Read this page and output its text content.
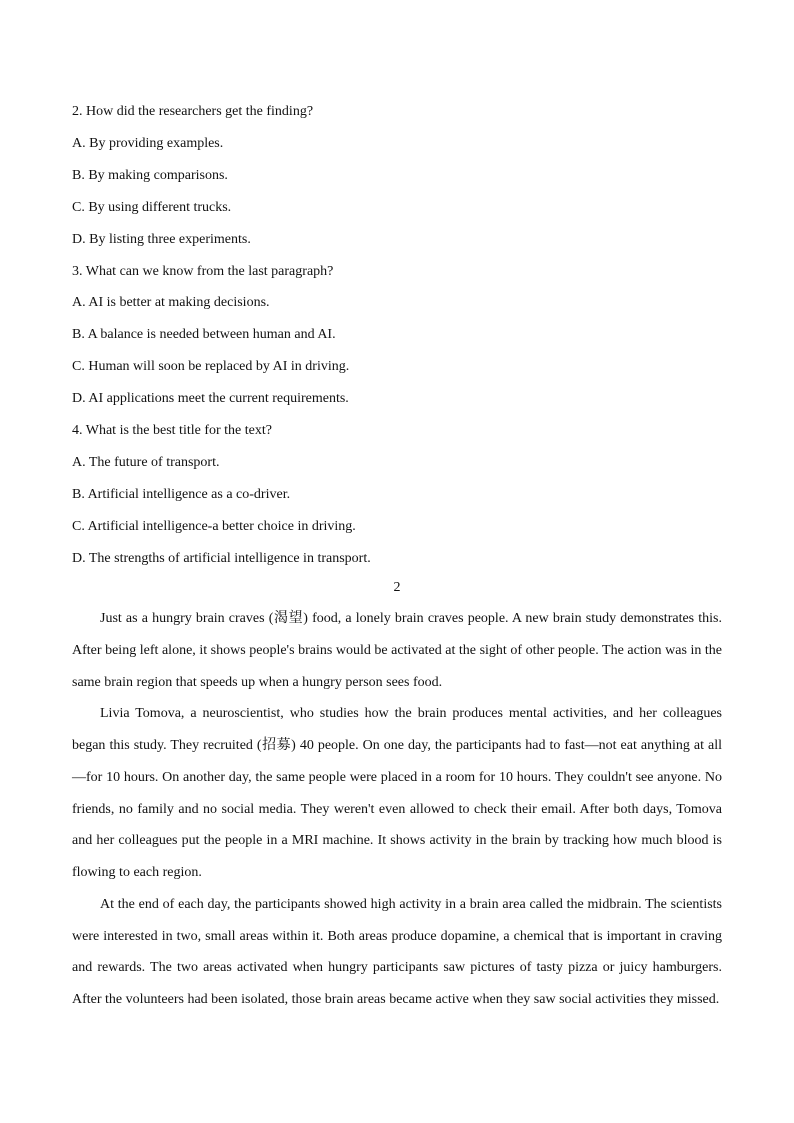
2. How did the researchers get the finding?
A. By providing examples.
B. By making comparisons.
C. By using different trucks.
D. By listing three experiments.
3. What can we know from the last paragraph?
A. AI is better at making decisions.
B. A balance is needed between human and AI.
C. Human will soon be replaced by AI in driving.
D. AI applications meet the current requirements.
4. What is the best title for the text?
A. The future of transport.
B. Artificial intelligence as a co-driver.
C. Artificial intelligence-a better choice in driving.
D. The strengths of artificial intelligence in transport.
2

Just as a hungry brain craves (渴望) food, a lonely brain craves people. A new brain study demonstrates this. After being left alone, it shows people's brains would be activated at the sight of other people. The action was in the same brain region that speeds up when a hungry person sees food.

Livia Tomova, a neuroscientist, who studies how the brain produces mental activities, and her colleagues began this study. They recruited (招募) 40 people. On one day, the participants had to fast—not eat anything at all—for 10 hours. On another day, the same people were placed in a room for 10 hours. They couldn't see anyone. No friends, no family and no social media. They weren't even allowed to check their email. After both days, Tomova and her colleagues put the people in a MRI machine. It shows activity in the brain by tracking how much blood is flowing to each region.

At the end of each day, the participants showed high activity in a brain area called the midbrain. The scientists were interested in two, small areas within it. Both areas produce dopamine, a chemical that is important in craving and rewards. The two areas activated when hungry participants saw pictures of tasty pizza or juicy hamburgers. After the volunteers had been isolated, those brain areas became active when they saw social activities they missed.
